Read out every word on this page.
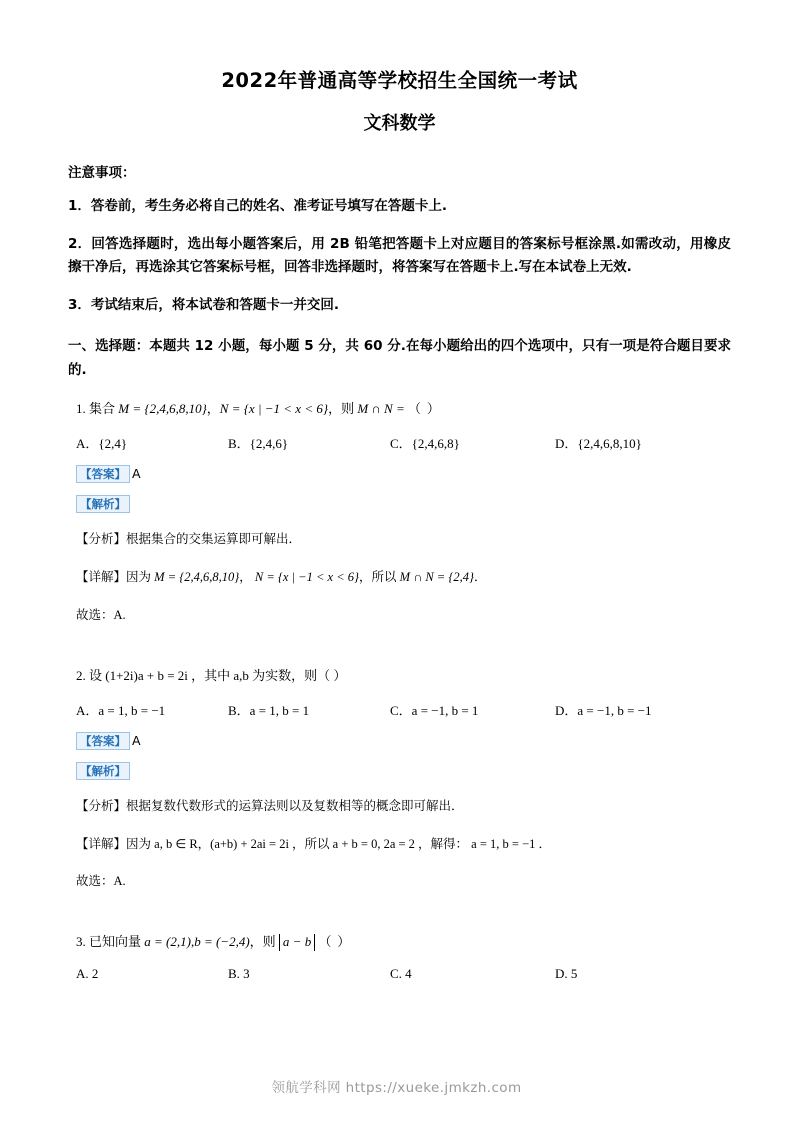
2022年普通高等学校招生全国统一考试
文科数学
注意事项：
1．答卷前，考生务必将自己的姓名、准考证号填写在答题卡上.
2．回答选择题时，选出每小题答案后，用 2B 铅笔把答题卡上对应题目的答案标号框涂黑.如需改动，用橡皮擦干净后，再选涂其它答案标号框，回答非选择题时，将答案写在答题卡上.写在本试卷上无效.
3．考试结束后，将本试卷和答题卡一并交回.
一、选择题：本题共 12 小题，每小题 5 分，共 60 分.在每小题给出的四个选项中，只有一项是符合题目要求的.
1. 集合 M = {2,4,6,8,10}，N = {x | −1 < x < 6}，则 M ∩ N = （ ）
A．{2,4}	B．{2,4,6}	C．{2,4,6,8}	D．{2,4,6,8,10}
【答案】 A
【解析】
【分析】根据集合的交集运算即可解出．
【详解】因为 M = {2,4,6,8,10}， N = {x | −1 < x < 6}，所以 M ∩ N = {2,4}．
故选：A.
2. 设 (1+2i)a + b = 2i ，其中 a,b 为实数，则（ ）
A．a = 1, b = −1	B．a = 1, b = 1	C．a = −1, b = 1	D．a = −1, b = −1
【答案】 A
【解析】
【分析】根据复数代数形式的运算法则以及复数相等的概念即可解出．
【详解】因为 a, b ∈ R，(a+b) + 2ai = 2i ，所以 a + b = 0, 2a = 2 ，解得： a = 1, b = −1 ．
故选：A.
3. 已知向量 a = (2,1),b = (−2,4)，则 a − b （ ）
A. 2	B. 3	C. 4	D. 5
领航学科网 https://xueke.jmkzh.com
